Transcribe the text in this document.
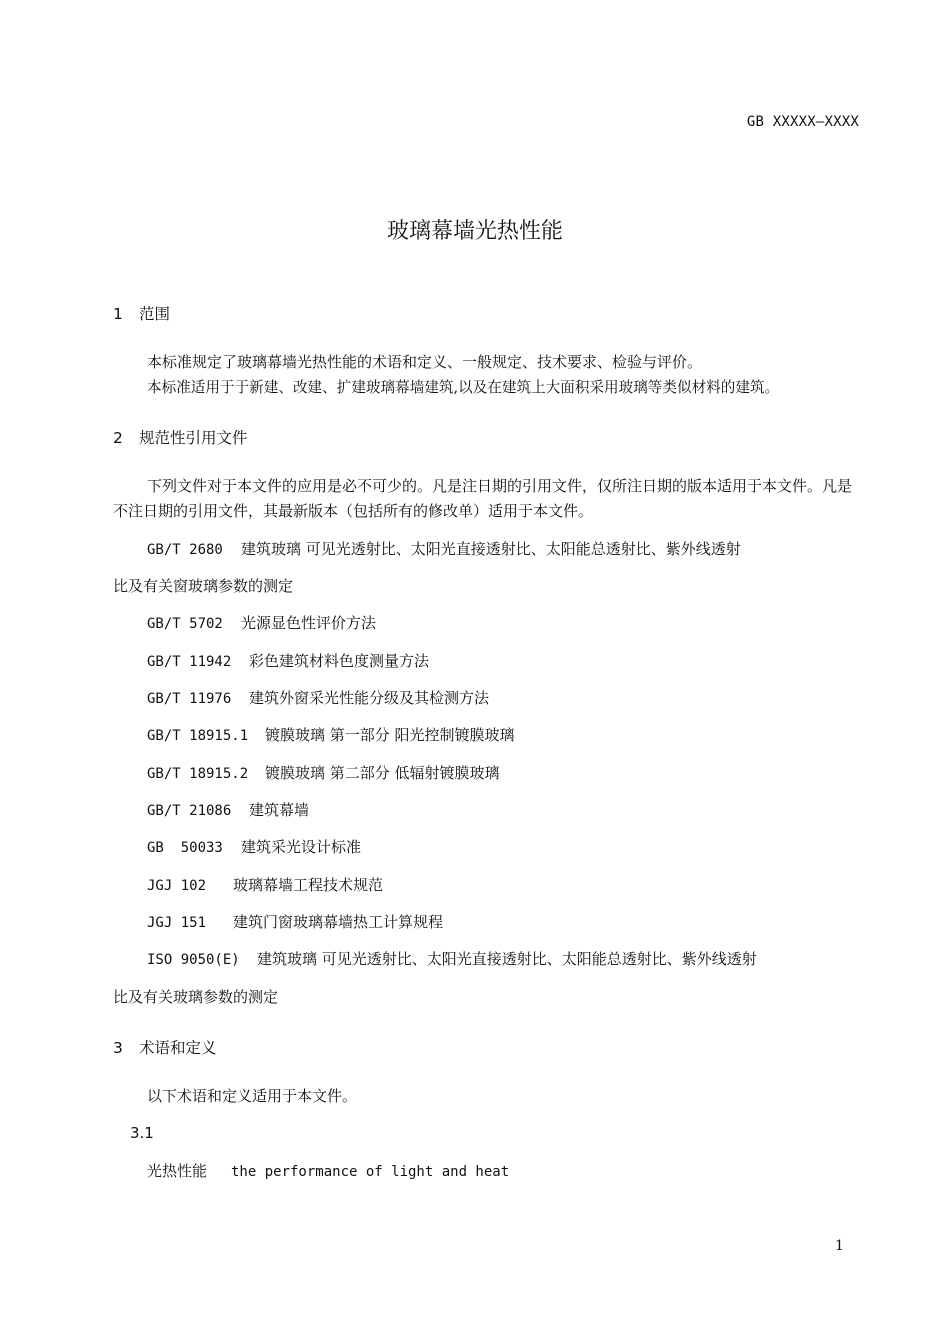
GB XXXXX—XXXX
玻璃幕墙光热性能
1 范围
本标准规定了玻璃幕墙光热性能的术语和定义、一般规定、技术要求、检验与评价。
本标准适用于于新建、改建、扩建玻璃幕墙建筑,以及在建筑上大面积采用玻璃等类似材料的建筑。
2 规范性引用文件
下列文件对于本文件的应用是必不可少的。凡是注日期的引用文件，仅所注日期的版本适用于本文件。凡是不注日期的引用文件，其最新版本（包括所有的修改单）适用于本文件。
GB/T 2680 建筑玻璃 可见光透射比、太阳光直接透射比、太阳能总透射比、紫外线透射
比及有关窗玻璃参数的测定
GB/T 5702 光源显色性评价方法
GB/T 11942 彩色建筑材料色度测量方法
GB/T 11976 建筑外窗采光性能分级及其检测方法
GB/T 18915.1 镀膜玻璃 第一部分 阳光控制镀膜玻璃
GB/T 18915.2 镀膜玻璃 第二部分 低辐射镀膜玻璃
GB/T 21086 建筑幕墙
GB  50033 建筑采光设计标准
JGJ 102 玻璃幕墙工程技术规范
JGJ 151 建筑门窗玻璃幕墙热工计算规程
ISO 9050(E) 建筑玻璃 可见光透射比、太阳光直接透射比、太阳能总透射比、紫外线透射
比及有关玻璃参数的测定
3 术语和定义
以下术语和定义适用于本文件。
3.1
光热性能 the performance of light and heat
1
